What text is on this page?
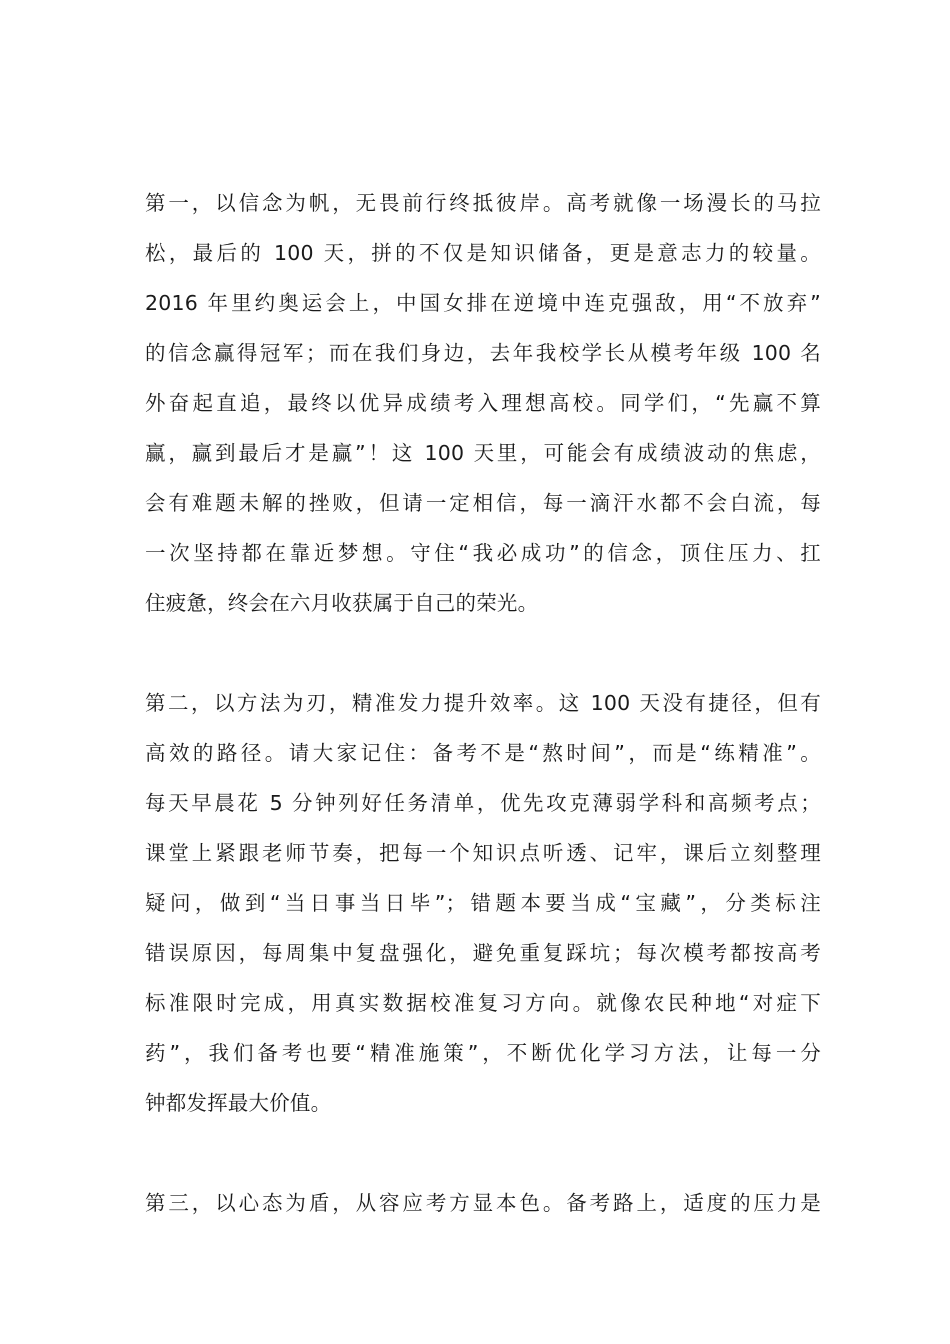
第一，以信念为帆，无畏前行终抵彼岸。高考就像一场漫长的马拉
松，最后的 100 天，拼的不仅是知识储备，更是意志力的较量。
2016 年里约奥运会上，中国女排在逆境中连克强敌，用“不放弃”
的信念赢得冠军；而在我们身边，去年我校学长从模考年级 100 名
外奋起直追，最终以优异成绩考入理想高校。同学们，“先赢不算
赢，赢到最后才是赢”！这 100 天里，可能会有成绩波动的焦虑，
会有难题未解的挫败，但请一定相信，每一滴汗水都不会白流，每
一次坚持都在靠近梦想。守住“我必成功”的信念，顶住压力、扛
住疲惫，终会在六月收获属于自己的荣光。
第二，以方法为刃，精准发力提升效率。这 100 天没有捷径，但有
高效的路径。请大家记住：备考不是“熬时间”，而是“练精准”。
每天早晨花 5 分钟列好任务清单，优先攻克薄弱学科和高频考点；
课堂上紧跟老师节奏，把每一个知识点听透、记牢，课后立刻整理
疑问，做到“当日事当日毕”；错题本要当成“宝藏”，分类标注
错误原因，每周集中复盘强化，避免重复踩坑；每次模考都按高考
标准限时完成，用真实数据校准复习方向。就像农民种地“对症下
药”，我们备考也要“精准施策”，不断优化学习方法，让每一分
钟都发挥最大价值。
第三，以心态为盾，从容应考方显本色。备考路上，适度的压力是
